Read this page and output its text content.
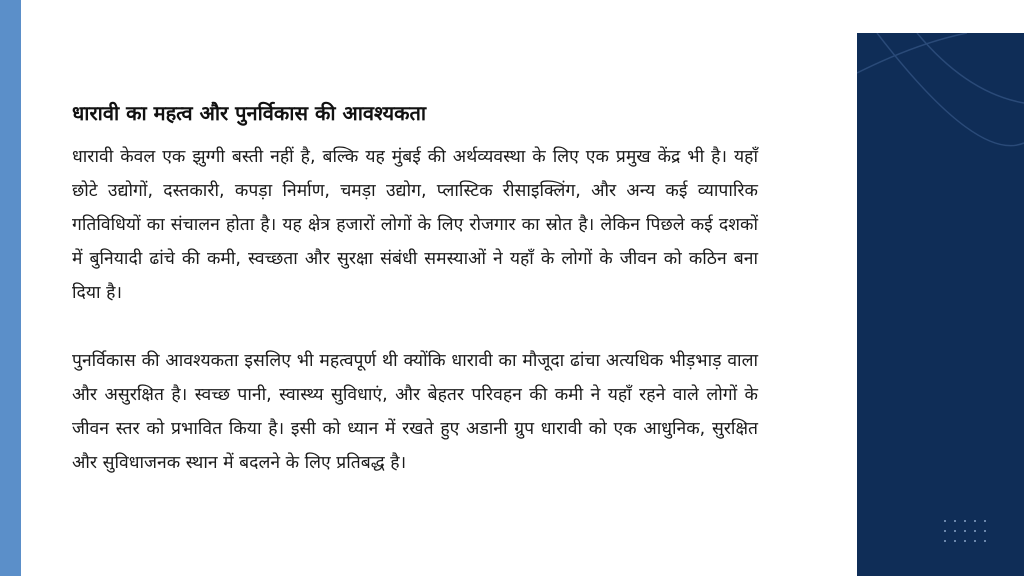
धारावी का महत्व और पुनर्विकास की आवश्यकता

धारावी केवल एक झुग्गी बस्ती नहीं है, बल्कि यह मुंबई की अर्थव्यवस्था के लिए एक प्रमुख केंद्र भी है। यहाँ छोटे उद्योगों, दस्तकारी, कपड़ा निर्माण, चमड़ा उद्योग, प्लास्टिक रीसाइक्लिंग, और अन्य कई व्यापारिक गतिविधियों का संचालन होता है। यह क्षेत्र हजारों लोगों के लिए रोजगार का स्रोत है। लेकिन पिछले कई दशकों में बुनियादी ढांचे की कमी, स्वच्छता और सुरक्षा संबंधी समस्याओं ने यहाँ के लोगों के जीवन को कठिन बना दिया है।

पुनर्विकास की आवश्यकता इसलिए भी महत्वपूर्ण थी क्योंकि धारावी का मौजूदा ढांचा अत्यधिक भीड़भाड़ वाला और असुरक्षित है। स्वच्छ पानी, स्वास्थ्य सुविधाएं, और बेहतर परिवहन की कमी ने यहाँ रहने वाले लोगों के जीवन स्तर को प्रभावित किया है। इसी को ध्यान में रखते हुए अडानी ग्रुप धारावी को एक आधुनिक, सुरक्षित और सुविधाजनक स्थान में बदलने के लिए प्रतिबद्ध है।
